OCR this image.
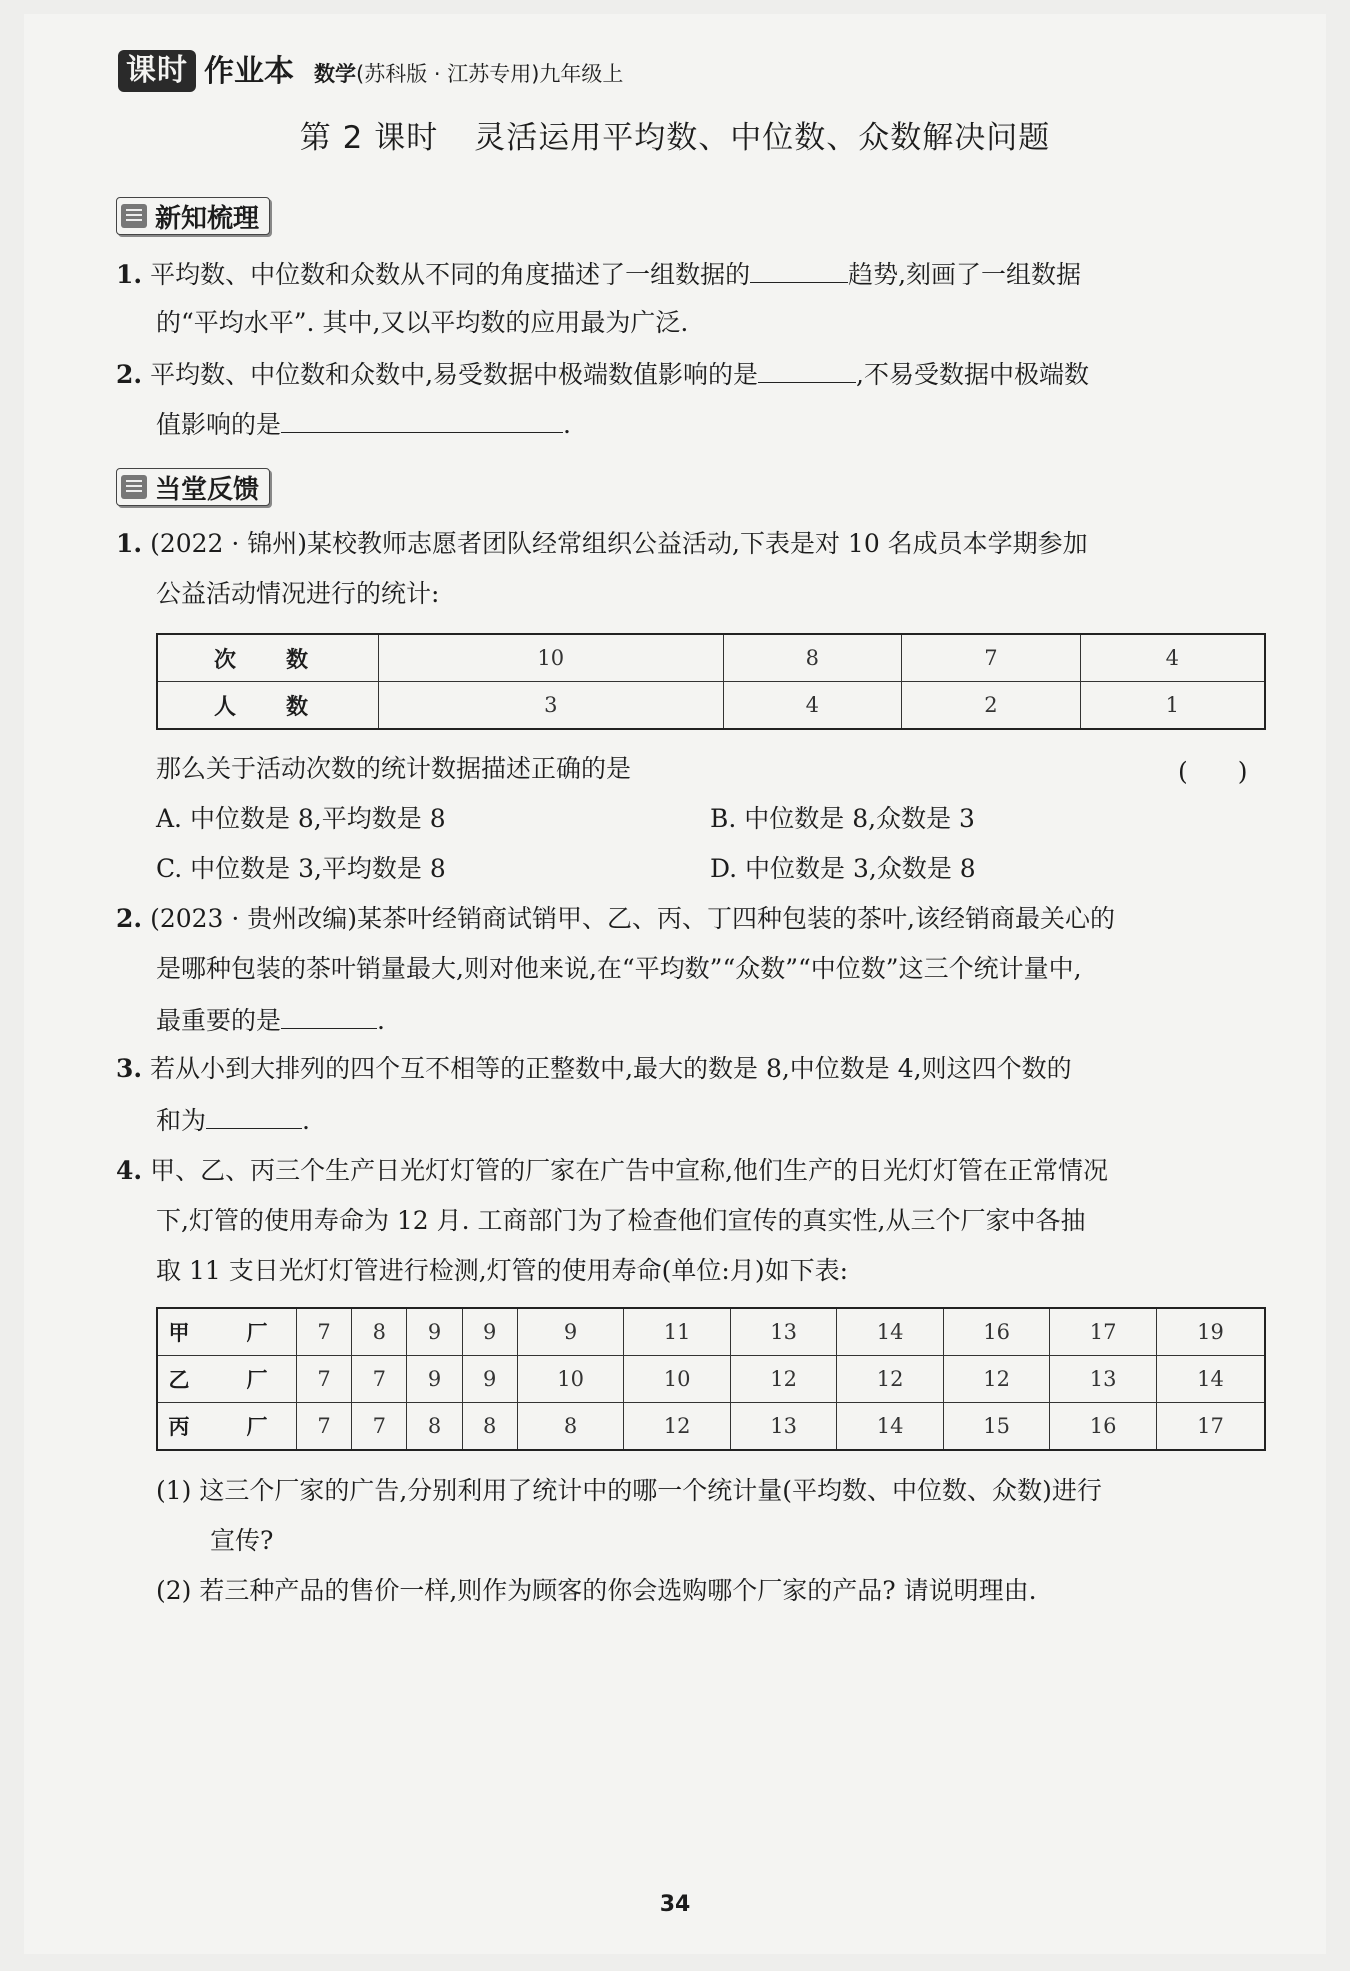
课时 作业本 数学(苏科版 · 江苏专用)九年级上
第 2 课时 灵活运用平均数、中位数、众数解决问题
新知梳理
1. 平均数、中位数和众数从不同的角度描述了一组数据的	趋势,刻画了一组数据
的“平均水平”. 其中,又以平均数的应用最为广泛.
2. 平均数、中位数和众数中,易受数据中极端数值影响的是	,不易受数据中极端数
值影响的是	.
当堂反馈
1. (2022 · 锦州)某校教师志愿者团队经常组织公益活动,下表是对 10 名成员本学期参加
公益活动情况进行的统计:
次　数	10	8	7	4
人　数	3	4	2	1
那么关于活动次数的统计数据描述正确的是	(　　)
A. 中位数是 8,平均数是 8	B. 中位数是 8,众数是 3
C. 中位数是 3,平均数是 8	D. 中位数是 3,众数是 8
2. (2023 · 贵州改编)某茶叶经销商试销甲、乙、丙、丁四种包装的茶叶,该经销商最关心的
是哪种包装的茶叶销量最大,则对他来说,在“平均数”“众数”“中位数”这三个统计量中,
最重要的是	.
3. 若从小到大排列的四个互不相等的正整数中,最大的数是 8,中位数是 4,则这四个数的
和为	.
4. 甲、乙、丙三个生产日光灯灯管的厂家在广告中宣称,他们生产的日光灯灯管在正常情况
下,灯管的使用寿命为 12 月. 工商部门为了检查他们宣传的真实性,从三个厂家中各抽
取 11 支日光灯灯管进行检测,灯管的使用寿命(单位:月)如下表:
甲　厂	7	8	9	9	9	11	13	14	16	17	19
乙　厂	7	7	9	9	10	10	12	12	12	13	14
丙　厂	7	7	8	8	8	12	13	14	15	16	17
(1) 这三个厂家的广告,分别利用了统计中的哪一个统计量(平均数、中位数、众数)进行
宣传?
(2) 若三种产品的售价一样,则作为顾客的你会选购哪个厂家的产品? 请说明理由.
34
